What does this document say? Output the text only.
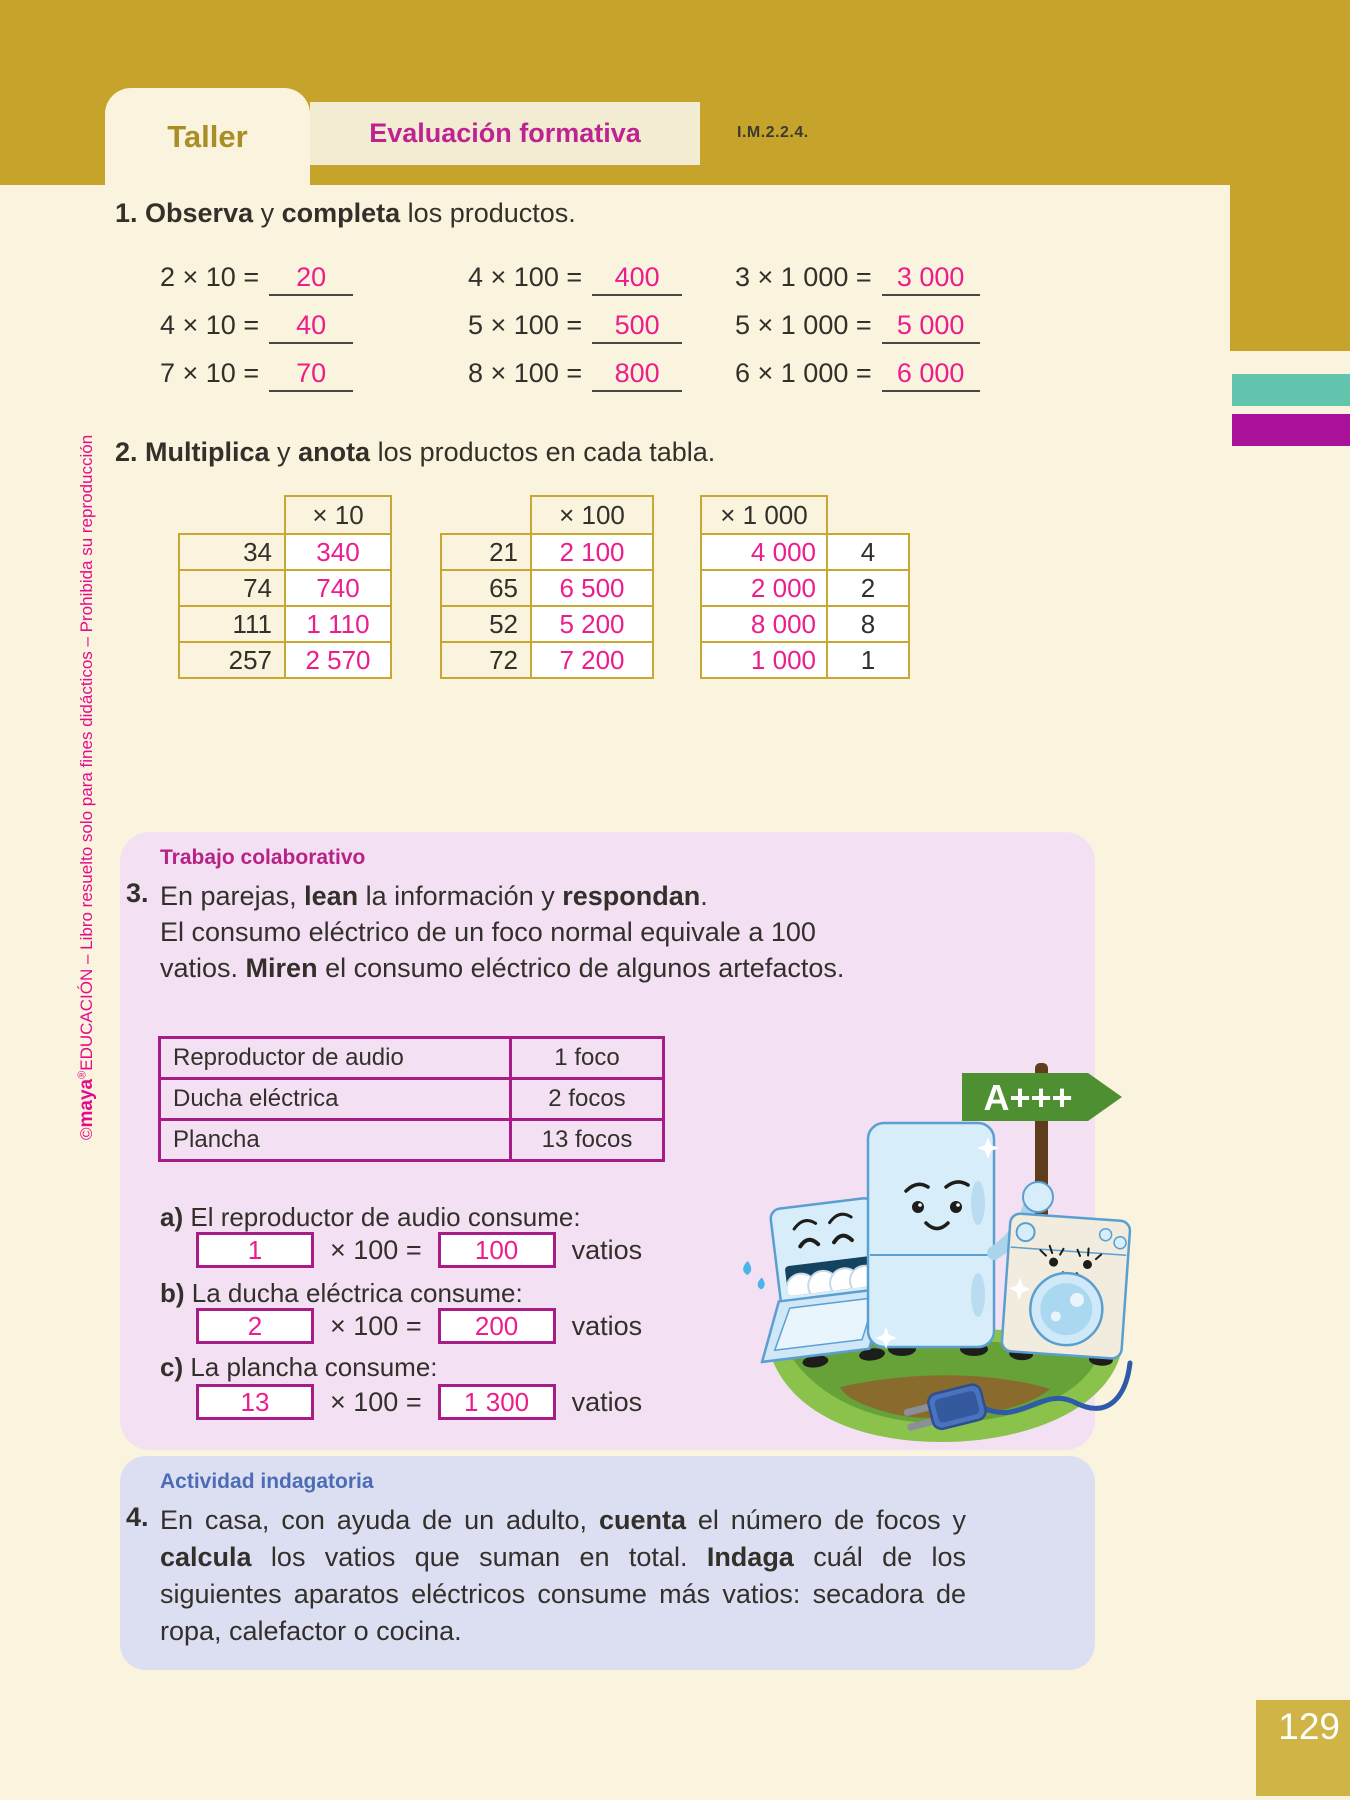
Taller	Evaluación formativa	I.M.2.2.4.
©maya®EDUCACIÓN – Libro resuelto solo para fines didácticos – Prohibida su reproducción
1. Observa y completa los productos.
2 × 10 = 20	4 × 100 = 400	3 × 1 000 = 3 000
4 × 10 = 40	5 × 100 = 500	5 × 1 000 = 5 000
7 × 10 = 70	8 × 100 = 800	6 × 1 000 = 6 000
2. Multiplica y anota los productos en cada tabla.
	× 10
34	340
74	740
111	1 110
257	2 570
	× 100
21	2 100
65	6 500
52	5 200
72	7 200
× 1 000	
4 000	4
2 000	2
8 000	8
1 000	1
Trabajo colaborativo
3. En parejas, lean la información y respondan.
El consumo eléctrico de un foco normal equivale a 100
vatios. Miren el consumo eléctrico de algunos artefactos.
Reproductor de audio	1 foco
Ducha eléctrica	2 focos
Plancha	13 focos
a) El reproductor de audio consume:
1	× 100 =	100	vatios
b) La ducha eléctrica consume:
2	× 100 =	200	vatios
c) La plancha consume:
13	× 100 =	1 300	vatios
A+++
Actividad indagatoria
4. En casa, con ayuda de un adulto, cuenta el número de focos y calcula los vatios que suman en total. Indaga cuál de los siguientes aparatos eléctricos consume más vatios: secadora de ropa, calefactor o cocina.
129
